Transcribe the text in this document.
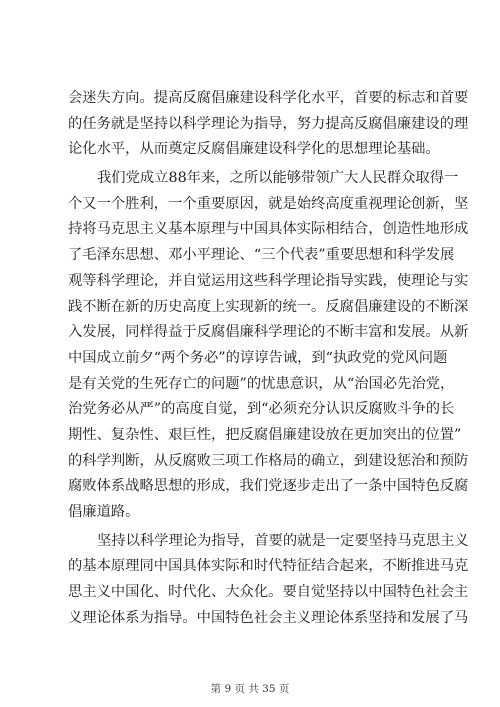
会迷失方向。提高反腐倡廉建设科学化水平，首要的标志和首要
的任务就是坚持以科学理论为指导，努力提高反腐倡廉建设的理
论化水平，从而奠定反腐倡廉建设科学化的思想理论基础。
我们党成立88年来，之所以能够带领广大人民群众取得一
个又一个胜利，一个重要原因，就是始终高度重视理论创新，坚
持将马克思主义基本原理与中国具体实际相结合，创造性地形成
了毛泽东思想、邓小平理论、“三个代表”重要思想和科学发展
观等科学理论，并自觉运用这些科学理论指导实践，使理论与实
践不断在新的历史高度上实现新的统一。反腐倡廉建设的不断深
入发展，同样得益于反腐倡廉科学理论的不断丰富和发展。从新
中国成立前夕“两个务必”的谆谆告诫，到“执政党的党风问题
是有关党的生死存亡的问题”的忧患意识，从“治国必先治党，
治党务必从严”的高度自觉，到“必须充分认识反腐败斗争的长
期性、复杂性、艰巨性，把反腐倡廉建设放在更加突出的位置”
的科学判断，从反腐败三项工作格局的确立，到建设惩治和预防
腐败体系战略思想的形成，我们党逐步走出了一条中国特色反腐
倡廉道路。
坚持以科学理论为指导，首要的就是一定要坚持马克思主义
的基本原理同中国具体实际和时代特征结合起来，不断推进马克
思主义中国化、时代化、大众化。要自觉坚持以中国特色社会主
义理论体系为指导。中国特色社会主义理论体系坚持和发展了马
第 9 页 共 35 页
